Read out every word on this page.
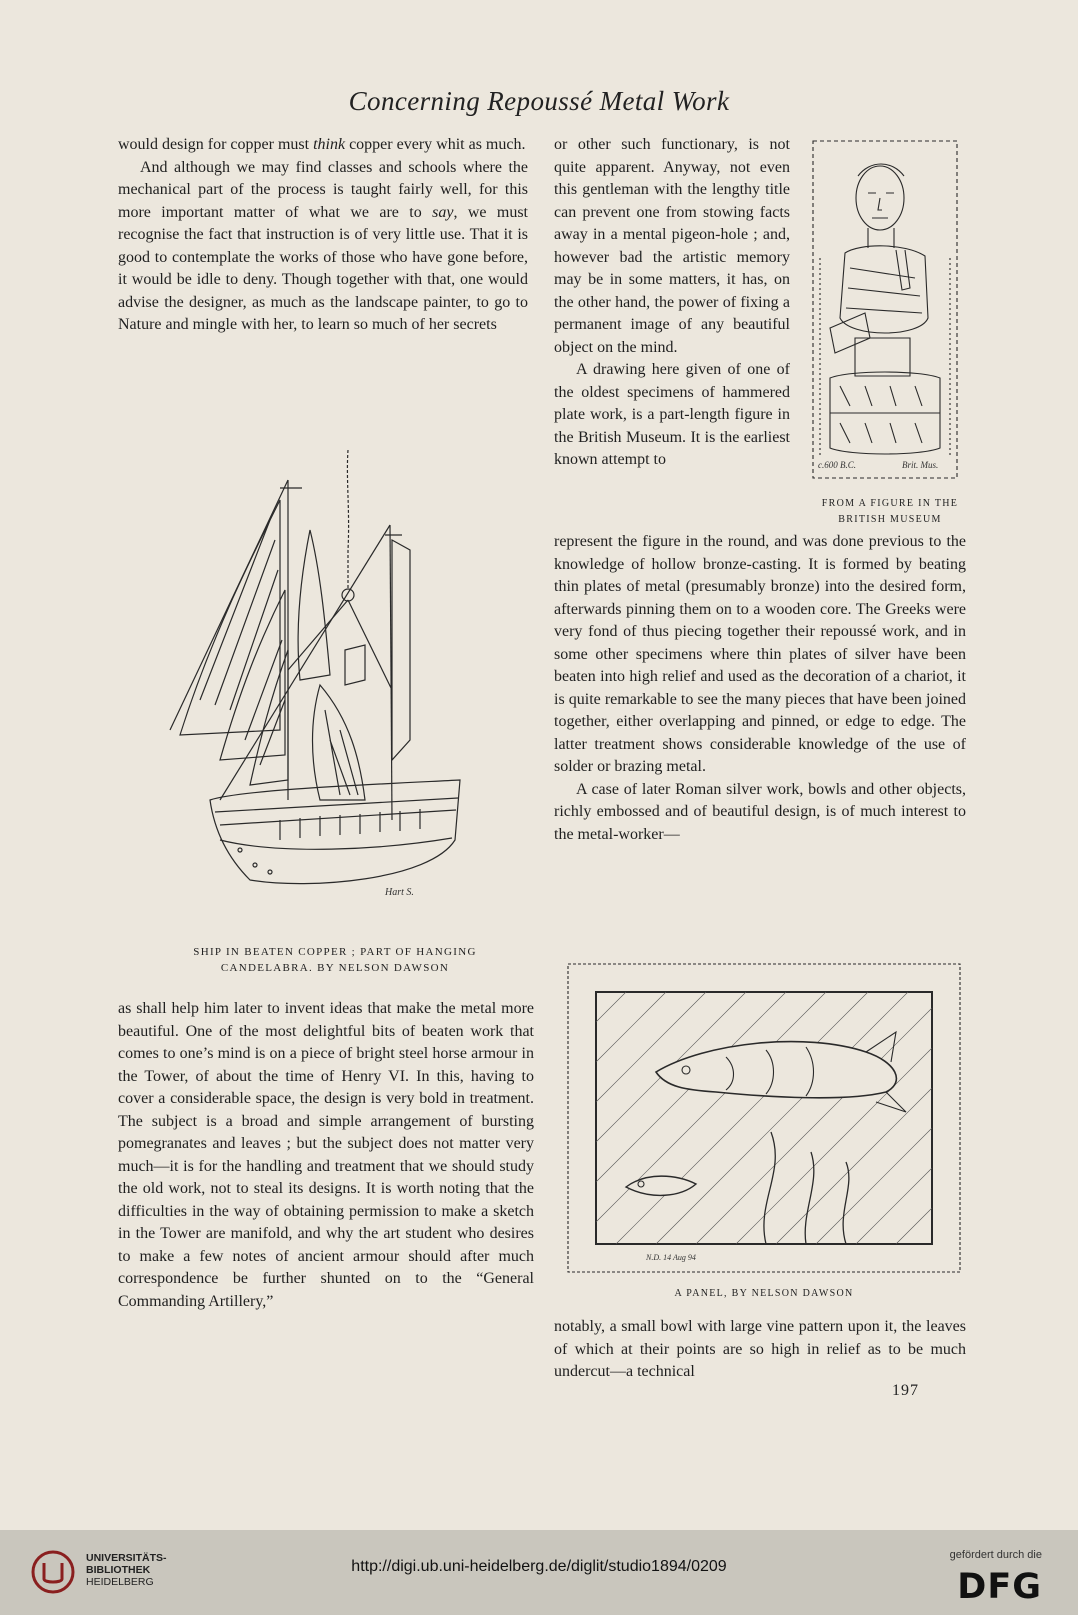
Concerning Repoussé Metal Work

would design for copper must think copper every whit as much.

And although we may find classes and schools where the mechanical part of the process is taught fairly well, for this more important matter of what we are to say, we must recognise the fact that instruction is of very little use. That it is good to contemplate the works of those who have gone before, it would be idle to deny. Though together with that, one would advise the designer, as much as the landscape painter, to go to Nature and mingle with her, to learn so much of her secrets

Hart S.
SHIP IN BEATEN COPPER ; PART OF HANGING
CANDELABRA. BY NELSON DAWSON

as shall help him later to invent ideas that make the metal more beautiful. One of the most delightful bits of beaten work that comes to one’s mind is on a piece of bright steel horse armour in the Tower, of about the time of Henry VI. In this, having to cover a considerable space, the design is very bold in treatment. The subject is a broad and simple arrangement of bursting pomegranates and leaves ; but the subject does not matter very much—it is for the handling and treatment that we should study the old work, not to steal its designs. It is worth noting that the difficulties in the way of obtaining permission to make a sketch in the Tower are manifold, and why the art student who desires to make a few notes of ancient armour should after much correspondence be further shunted on to the “General Commanding Artillery,”

or other such functionary, is not quite apparent. Anyway, not even this gentleman with the lengthy title can prevent one from stowing facts away in a mental pigeon-hole ; and, however bad the artistic memory may be in some matters, it has, on the other hand, the power of fixing a permanent image of any beautiful object on the mind.

A drawing here given of one of the oldest specimens of hammered plate work, is a part-length figure in the British Museum. It is the earliest known attempt to	c.600 B.C.	Brit. Mus.
FROM A FIGURE IN THE
BRITISH MUSEUM

represent the figure in the round, and was done previous to the knowledge of hollow bronze-casting. It is formed by beating thin plates of metal (presumably bronze) into the desired form, afterwards pinning them on to a wooden core. The Greeks were very fond of thus piecing together their repoussé work, and in some other specimens where thin plates of silver have been beaten into high relief and used as the decoration of a chariot, it is quite remarkable to see the many pieces that have been joined together, either overlapping and pinned, or edge to edge. The latter treatment shows considerable knowledge of the use of solder or brazing metal.

A case of later Roman silver work, bowls and other objects, richly embossed and of beautiful design, is of much interest to the metal-worker—

N.D. 14 Aug 94
A PANEL, BY NELSON DAWSON

notably, a small bowl with large vine pattern upon it, the leaves of which at their points are so high in relief as to be much undercut—a technical

197
UNIVERSITÄTS-
BIBLIOTHEK
HEIDELBERG
http://digi.ub.uni-heidelberg.de/diglit/studio1894/0209
gefördert durch die
DFG
